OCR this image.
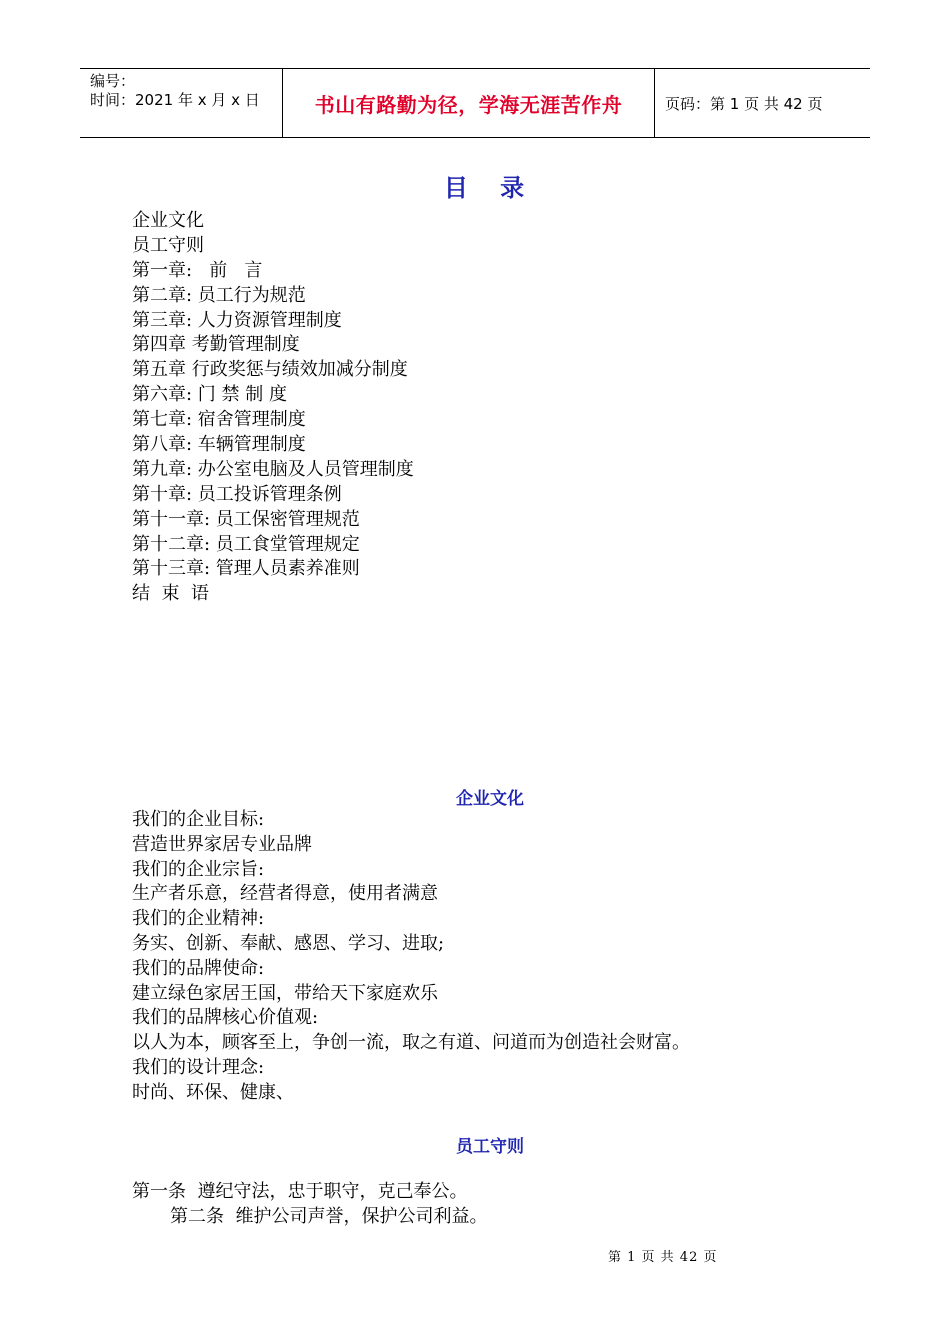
编号：
时间：2021 年 x 月 x 日	书山有路勤为径，学海无涯苦作舟	页码：第 1 页 共 42 页
目 录
企业文化
员工守则
第一章:   前   言
第二章: 员工行为规范
第三章: 人力资源管理制度
第四章 考勤管理制度
第五章 行政奖惩与绩效加减分制度
第六章: 门 禁 制 度
第七章: 宿舍管理制度
第八章: 车辆管理制度
第九章: 办公室电脑及人员管理制度
第十章: 员工投诉管理条例
第十一章: 员工保密管理规范
第十二章: 员工食堂管理规定
第十三章: 管理人员素养准则
结  束  语
企业文化
我们的企业目标:
营造世界家居专业品牌
我们的企业宗旨:
生产者乐意，经营者得意，使用者满意
我们的企业精神:
务实、创新、奉献、感恩、学习、进取;
我们的品牌使命:
建立绿色家居王国，带给天下家庭欢乐
我们的品牌核心价值观:
以人为本，顾客至上，争创一流，取之有道、问道而为创造社会财富。
我们的设计理念:
时尚、环保、健康、
员工守则
第一条  遵纪守法，忠于职守，克己奉公。
第二条  维护公司声誉，保护公司利益。
第 1 页 共 42 页
